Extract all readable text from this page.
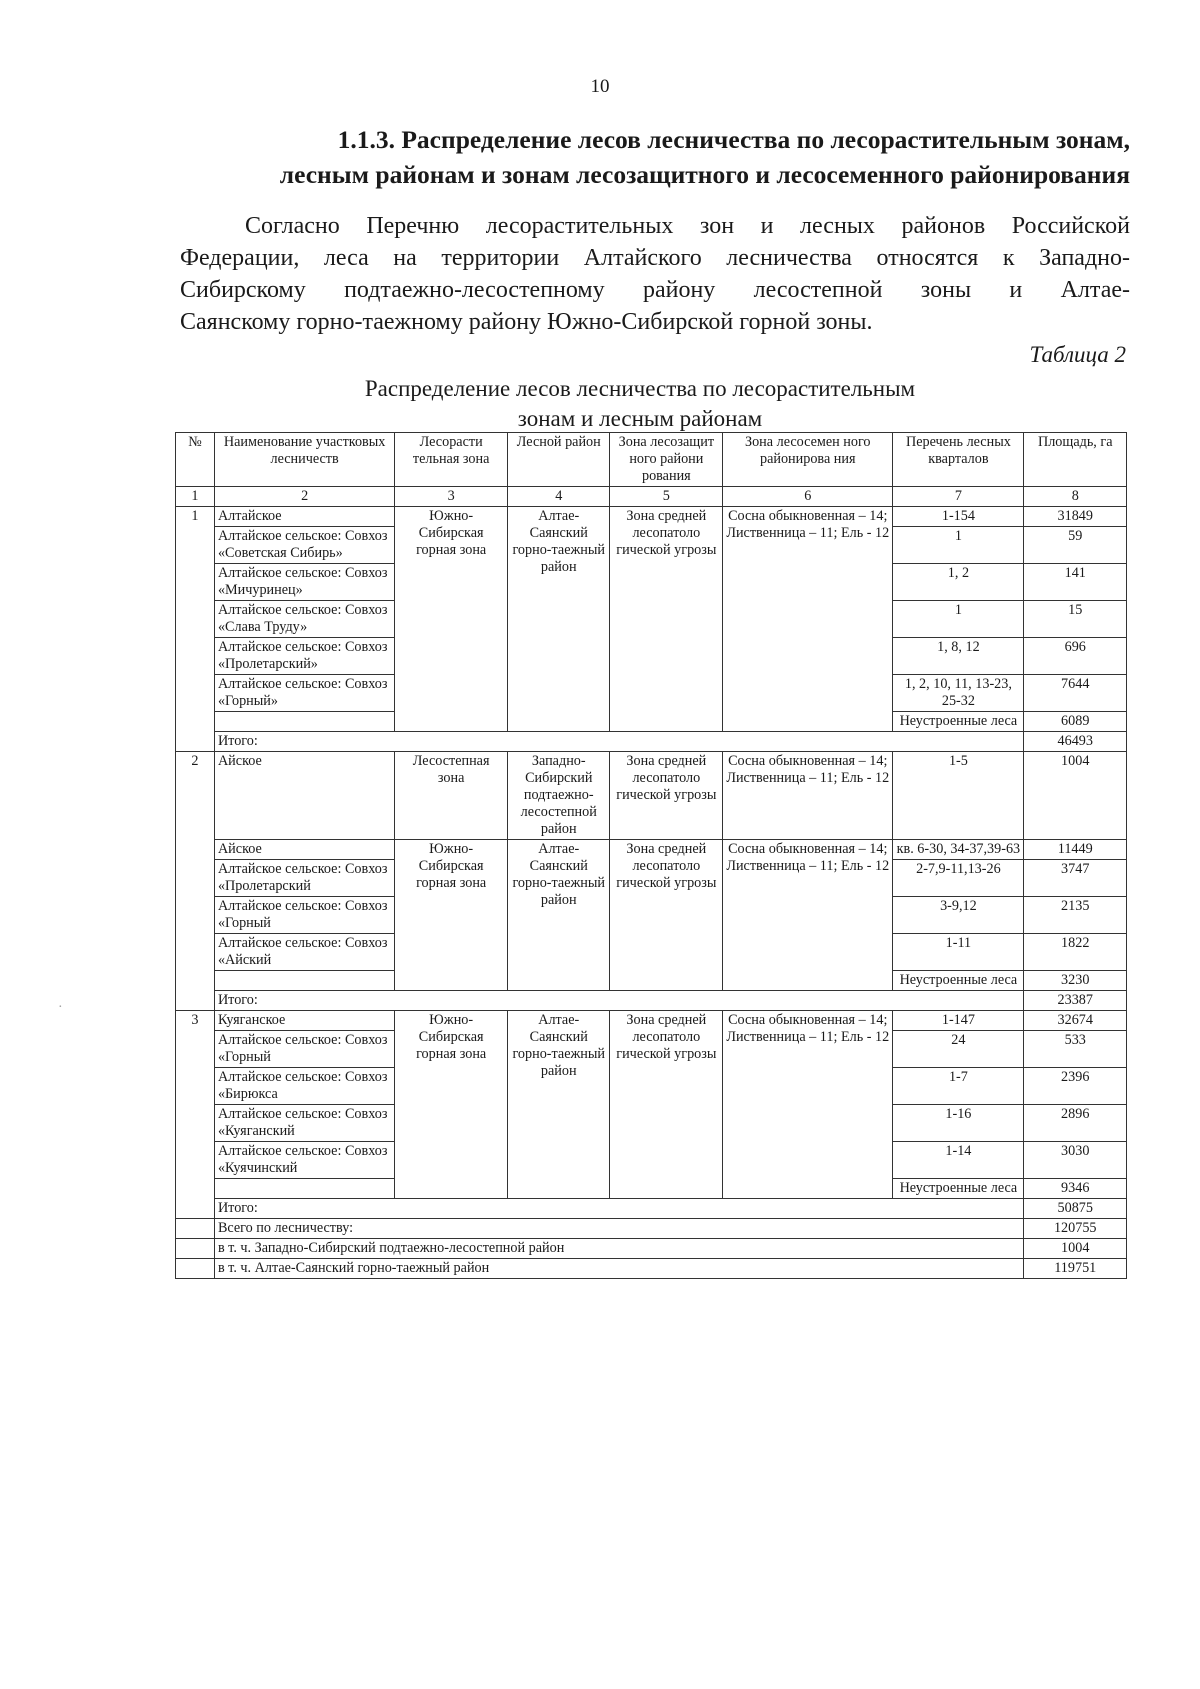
10
1.1.3. Распределение лесов лесничества по лесорастительным зонам,
лесным районам и зонам лесозащитного и лесосеменного районирования
Согласно Перечню лесорастительных зон и лесных районов Российской
Федерации, леса на территории Алтайского лесничества относятся к Западно-
Сибирскому подтаежно-лесостепному району лесостепной зоны и Алтае-
Саянскому горно-таежному району Южно-Сибирской горной зоны.
Таблица 2
Распределение лесов лесничества по лесорастительным
зонам и лесным районам
№	Наименование участковых лесничеств	Лесорасти тельная зона	Лесной район	Зона лесозащит ного райони рования	Зона лесосемен ного районирова ния	Перечень лесных кварталов	Площадь, га
1	2	3	4	5	6	7	8
1	Алтайское	Южно-Сибирская горная зона	Алтае-Саянский горно-таежный район	Зона средней лесопатоло гической угрозы	Сосна обыкновенная – 14; Лиственница – 11; Ель - 12	1-154	31849
	Алтайское сельское: Совхоз «Советская Сибирь»					1	59
	Алтайское сельское: Совхоз «Мичуринец»					1, 2	141
	Алтайское сельское: Совхоз «Слава Труду»					1	15
	Алтайское сельское: Совхоз «Пролетарский»					1, 8, 12	696
	Алтайское сельское: Совхоз «Горный»					1, 2, 10, 11, 13-23, 25-32	7644
						Неустроенные леса	6089
	Итого:						46493
2	Айское	Лесостепная зона	Западно-Сибирский подтаежно-лесостепной район	Зона средней лесопатоло гической угрозы	Сосна обыкновенная – 14; Лиственница – 11; Ель - 12	1-5	1004
	Айское	Южно-Сибирская горная зона	Алтае-Саянский горно-таежный район	Зона средней лесопатоло гической угрозы	Сосна обыкновенная – 14; Лиственница – 11; Ель - 12	кв. 6-30, 34-37,39-63	11449
	Алтайское сельское: Совхоз «Пролетарский					2-7,9-11,13-26	3747
	Алтайское сельское: Совхоз «Горный					3-9,12	2135
	Алтайское сельское: Совхоз «Айский					1-11	1822
						Неустроенные леса	3230
	Итого:						23387
3	Куяганское	Южно-Сибирская горная зона	Алтае-Саянский горно-таежный район	Зона средней лесопатоло гической угрозы	Сосна обыкновенная – 14; Лиственница – 11; Ель - 12	1-147	32674
	Алтайское сельское: Совхоз «Горный					24	533
	Алтайское сельское: Совхоз «Бирюкса					1-7	2396
	Алтайское сельское: Совхоз «Куяганский					1-16	2896
	Алтайское сельское: Совхоз «Куячинский					1-14	3030
						Неустроенные леса	9346
	Итого:						50875
	Всего по лесничеству:						120755
	в т. ч. Западно-Сибирский подтаежно-лесостепной район						1004
	в т. ч. Алтае-Саянский горно-таежный район						119751
·
